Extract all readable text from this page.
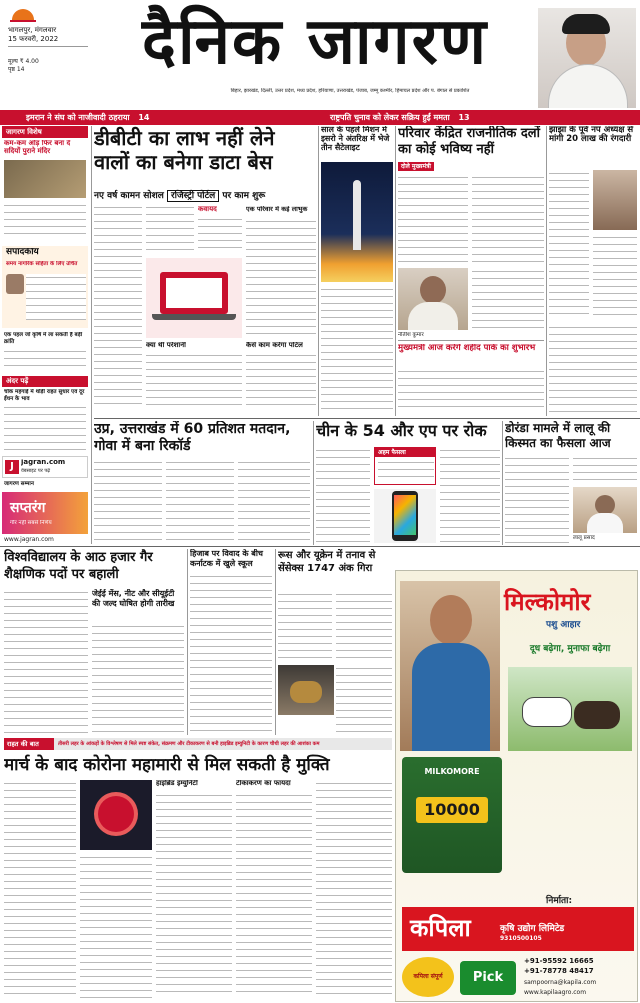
भागलपुर, मंगलवार
15 फरवरी, 2022
मूल्य ₹ 4.00
पृष्ठ 14	दैनिक जागरण
बिहार, झारखंड, दिल्ली, उत्तर प्रदेश, मध्य प्रदेश, हरियाणा, उत्तराखंड, पंजाब, जम्मू कश्मीर, हिमाचल प्रदेश और प. बंगाल से प्रकाशित
इमरान ने संघ को नाजीवादी ठहराया 14	राष्ट्रपति चुनाव को लेकर सक्रिय हुईं ममता 13
जागरण विशेष
कम-कम ओड़ फिर बना दें सदियों पुराने मंदिर
संपादकीय
समय नागरिक संहिता के लिए उचित
एक पहल जो कृषि में ला सकती है बड़ी क्रांति
अंदर पढ़ें
चोक महंगाई में थोड़ी राहत सुधार एवं दूर ईंधन के भाव
J	jagran.com
वेबसाइट पर पढ़ें
जागरण सम्मान
सप्तरंग
गौर नहीं सबसे निर्णय
www.jagran.com
डीबीटी का लाभ नहीं लेने वालों का बनेगा डाटा बेस
नए वर्ष कामन सोशल रजिस्ट्री पोर्टल पर काम शुरू
कवायद	एक परिवार में कई लाभुक
क्या थी परेशानी	कैसे काम करेगा पोर्टल
साल के पहले मिशन में इसरो ने अंतरिक्ष में भेजे तीन सैटेलाइट
परिवार केंद्रित राजनीतिक दलों का कोई भविष्य नहीं
दोले मुख्यमंत्री
नीतीश कुमार
मुख्यमंत्री आज करेंगे शहीद पार्क का शुभारंभ
झाझा के पूर्व नप अध्यक्ष से मांगी 20 लाख की रंगदारी
उप्र, उत्तराखंड में 60 प्रतिशत मतदान, गोवा में बना रिकॉर्ड
चीन के 54 और एप पर रोक
अहम फैसला
डोरंडा मामले में लालू की किस्मत का फैसला आज
लालू प्रसाद
विश्वविद्यालय के आठ हजार गैर शैक्षणिक पदों पर बहाली
जेईई मेंस, नीट और सीयूईटी की जल्द घोषित होगी तारीख
हिजाब पर विवाद के बीच कर्नाटक में खुले स्कूल
रूस और यूक्रेन में तनाव से सेंसेक्स 1747 अंक गिरा
मिल्कोमोर
पशु आहार
दूध बढ़ेगा, मुनाफा बढ़ेगा
MILKOMORE
10000
निर्माता:
कपिला	कृषि उद्योग लिमिटेड
9310500105
कपिला संपूर्ण	Pick
+91-95592 16665
+91-78778 48417
sampoorna@kapila.com
www.kapilaagro.com
राहत की बात	तीसरी लहर के आंकड़ों के विश्लेषण से मिले स्पष्ट संकेत, संक्रमण और टीकाकरण से बनी हाइब्रिड इम्युनिटी के कारण चौथी लहर की आशंका कम
मार्च के बाद कोरोना महामारी से मिल सकती है मुक्ति
हाइब्रिड इम्युनिटी	टीकाकरण का फायदा
